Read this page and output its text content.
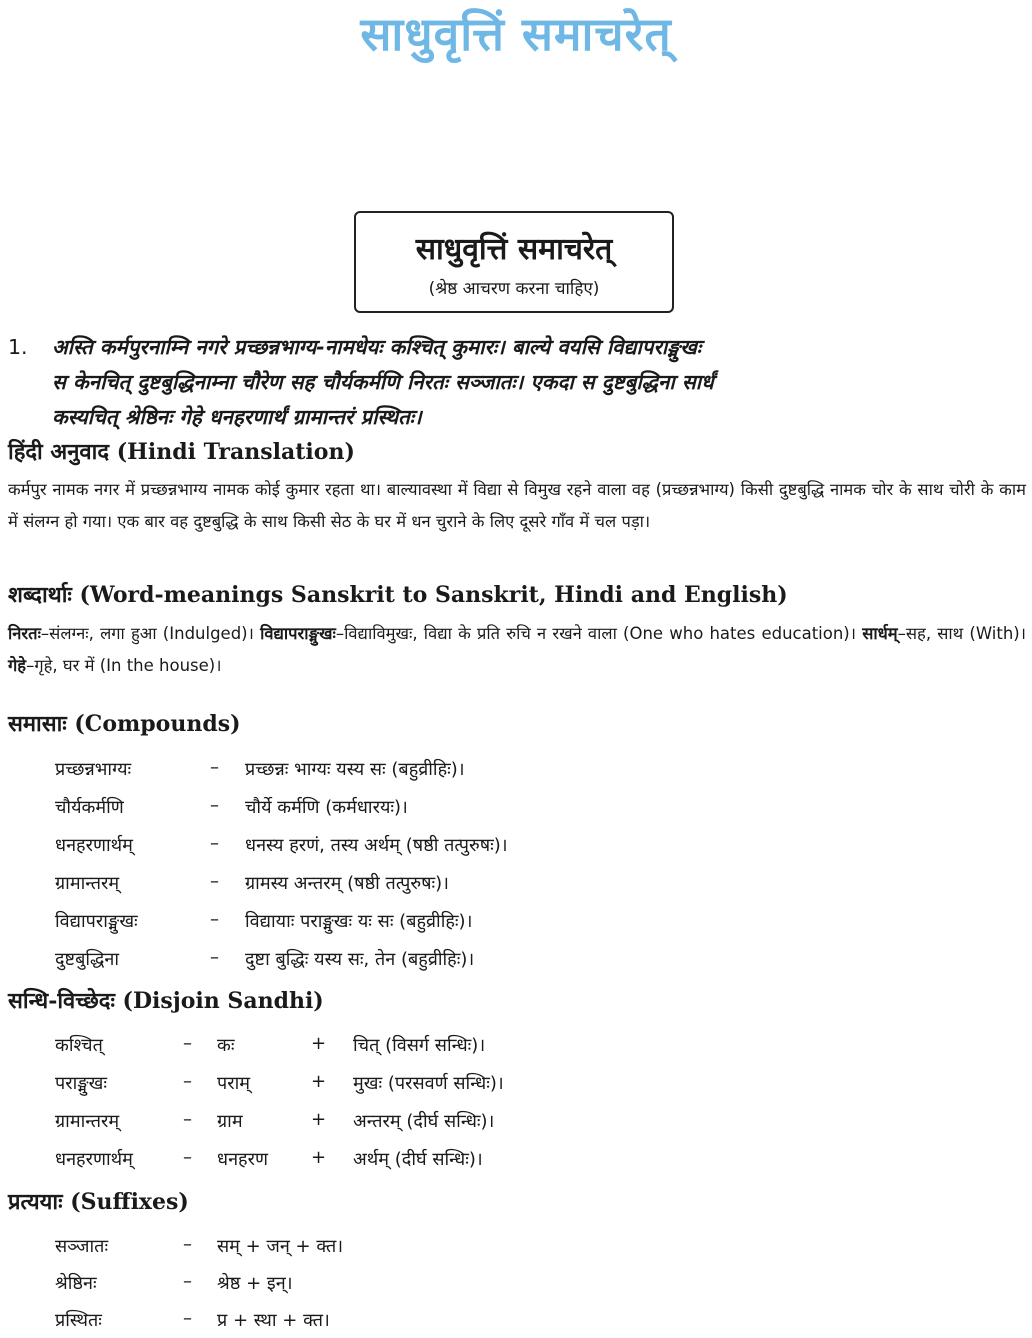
साधुवृत्तिं समाचरेत्
साधुवृत्तिं समाचरेत्
(श्रेष्ठ आचरण करना चाहिए)
1. अस्ति कर्मपुरनाम्नि नगरे प्रच्छन्नभाग्य-नामधेयः कश्चित् कुमारः। बाल्ये वयसि विद्यापराङ्मुखः
स केनचित् दुष्टबुद्धिनाम्ना चौरेण सह चौर्यकर्मणि निरतः सञ्जातः। एकदा स दुष्टबुद्धिना सार्धं
कस्यचित् श्रेष्ठिनः गेहे धनहरणार्थं ग्रामान्तरं प्रस्थितः।
हिंदी अनुवाद (Hindi Translation)
कर्मपुर नामक नगर में प्रच्छन्नभाग्य नामक कोई कुमार रहता था। बाल्यावस्था में विद्या से विमुख रहने वाला वह (प्रच्छन्नभाग्य) किसी दुष्टबुद्धि नामक चोर के साथ चोरी के काम में संलग्न हो गया। एक बार वह दुष्टबुद्धि के साथ किसी सेठ के घर में धन चुराने के लिए दूसरे गाँव में चल पड़ा।
शब्दार्थाः (Word-meanings Sanskrit to Sanskrit, Hindi and English)
निरतः–संलग्नः, लगा हुआ (Indulged)। विद्यापराङ्मुखः–विद्याविमुखः, विद्या के प्रति रुचि न रखने वाला (One who hates education)। सार्धम्–सह, साथ (With)। गेहे–गृहे, घर में (In the house)।
समासाः (Compounds)
प्रच्छन्नभाग्यः	– प्रच्छन्नः भाग्यः यस्य सः (बहुव्रीहिः)।
चौर्यकर्मणि	– चौर्ये कर्मणि (कर्मधारयः)।
धनहरणार्थम्	– धनस्य हरणं, तस्य अर्थम् (षष्ठी तत्पुरुषः)।
ग्रामान्तरम्	– ग्रामस्य अन्तरम् (षष्ठी तत्पुरुषः)।
विद्यापराङ्मुखः	– विद्यायाः पराङ्मुखः यः सः (बहुव्रीहिः)।
दुष्टबुद्धिना	– दुष्टा बुद्धिः यस्य सः, तेन (बहुव्रीहिः)।
सन्धि-विच्छेदः (Disjoin Sandhi)
कश्चित्	– कः	+ चित् (विसर्ग सन्धिः)।
पराङ्मुखः	– पराम्	+ मुखः (परसवर्ण सन्धिः)।
ग्रामान्तरम्	– ग्राम	+ अन्तरम् (दीर्घ सन्धिः)।
धनहरणार्थम्	– धनहरण + अर्थम् (दीर्घ सन्धिः)।
प्रत्ययाः (Suffixes)
सञ्जातः	– सम् + जन् + क्त।
श्रेष्ठिनः	– श्रेष्ठ + इन्।
प्रस्थितः	– प्र + स्था + क्त।
